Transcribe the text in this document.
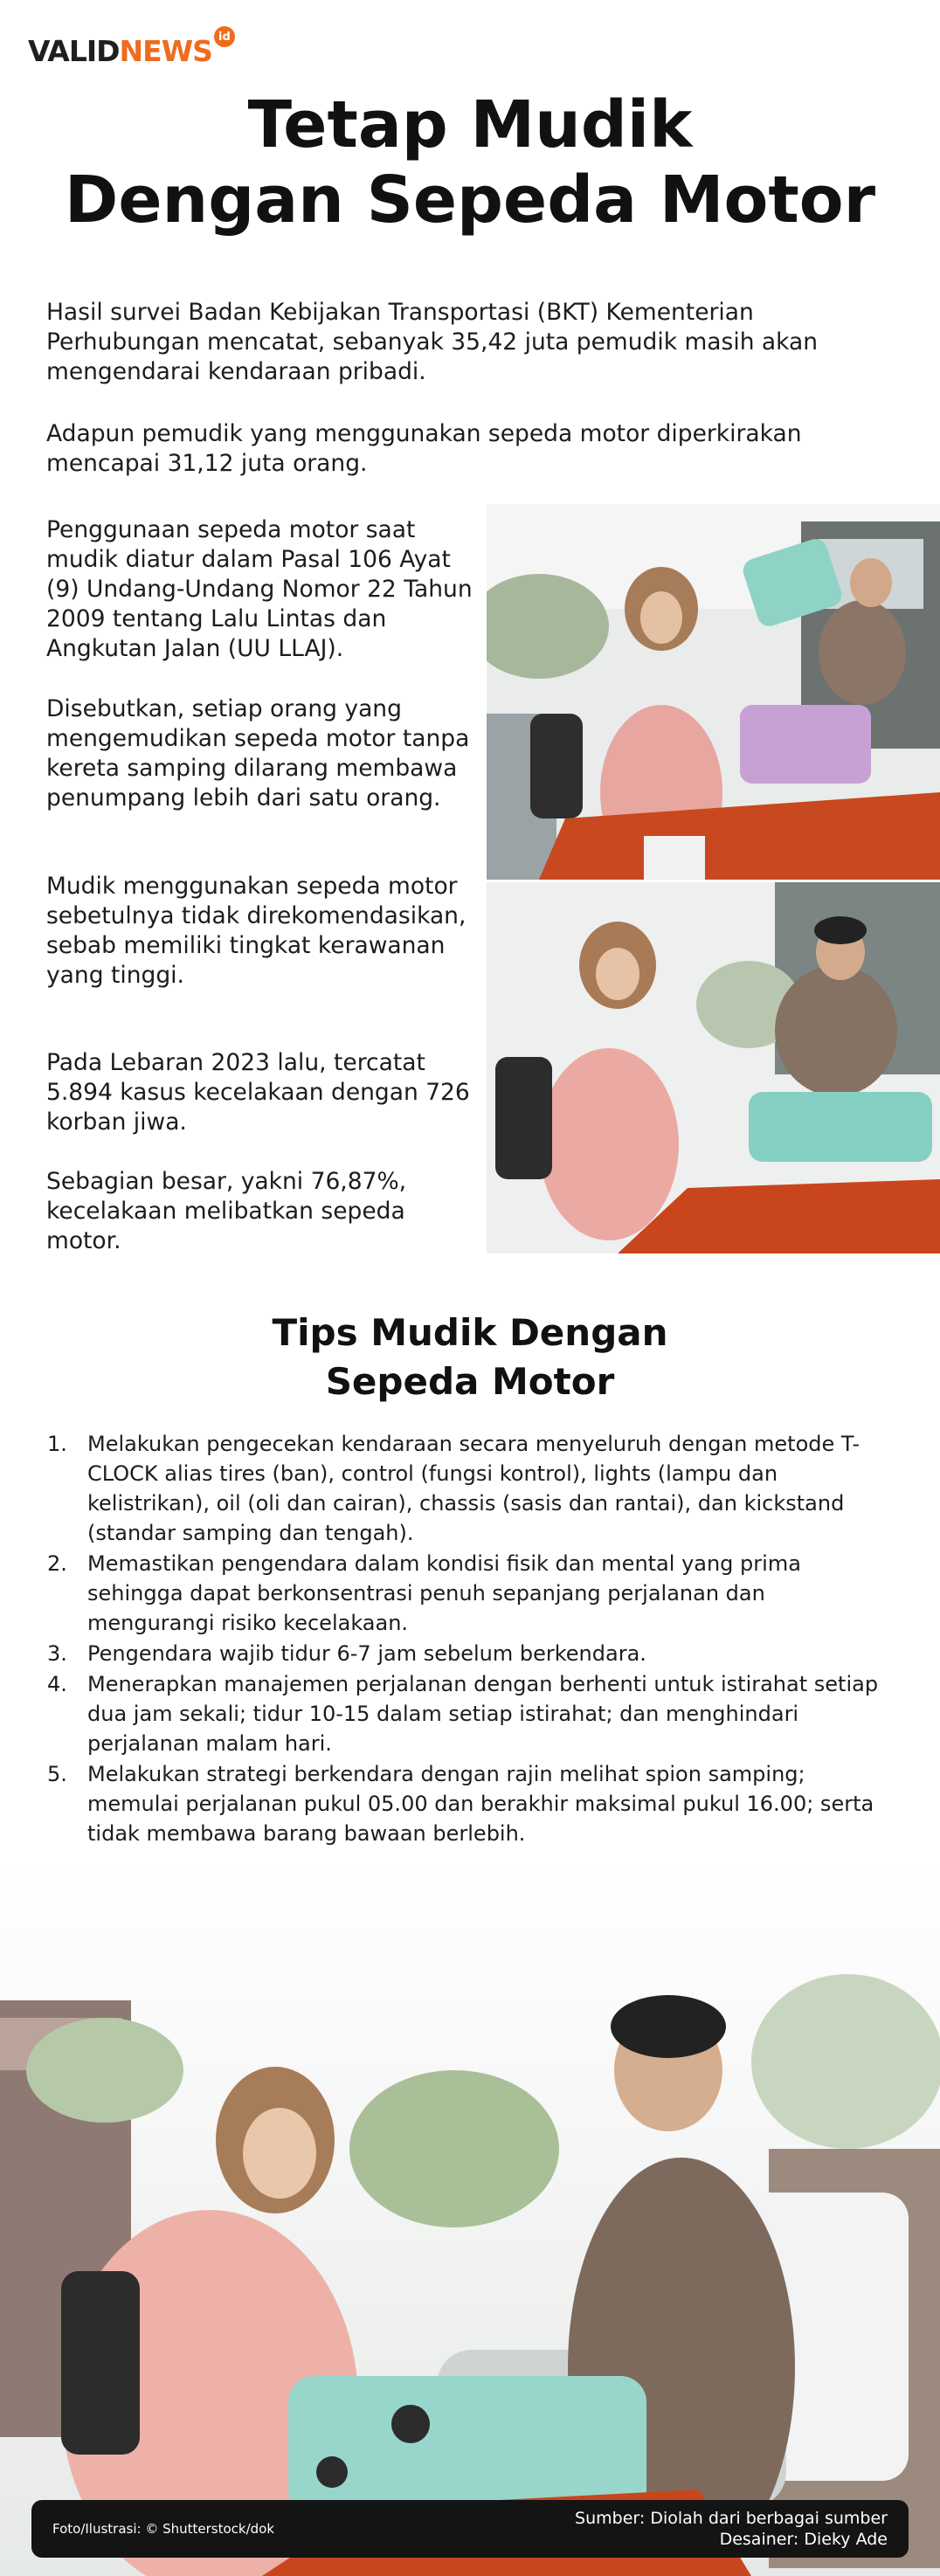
VALID NEWS id
Tetap Mudik
Dengan Sepeda Motor

Hasil survei Badan Kebijakan Transportasi (BKT) Kementerian Perhubungan mencatat, sebanyak 35,42 juta pemudik masih akan mengendarai kendaraan pribadi.

Adapun pemudik yang menggunakan sepeda motor diperkirakan mencapai 31,12 juta orang.

Penggunaan sepeda motor saat mudik diatur dalam Pasal 106 Ayat (9) Undang-Undang Nomor 22 Tahun 2009 tentang Lalu Lintas dan Angkutan Jalan (UU LLAJ).

Disebutkan, setiap orang yang mengemudikan sepeda motor tanpa kereta samping dilarang membawa penumpang lebih dari satu orang.

Mudik menggunakan sepeda motor sebetulnya tidak direkomendasikan, sebab memiliki tingkat kerawanan yang tinggi.

Pada Lebaran 2023 lalu, tercatat 5.894 kasus kecelakaan dengan 726 korban jiwa.

Sebagian besar, yakni 76,87%, kecelakaan melibatkan sepeda motor.

Tips Mudik Dengan
Sepeda Motor
1. Melakukan pengecekan kendaraan secara menyeluruh dengan metode T-CLOCK alias tires (ban), control (fungsi kontrol), lights (lampu dan kelistrikan), oil (oli dan cairan), chassis (sasis dan rantai), dan kickstand (standar samping dan tengah).
2. Memastikan pengendara dalam kondisi fisik dan mental yang prima sehingga dapat berkonsentrasi penuh sepanjang perjalanan dan mengurangi risiko kecelakaan.
3. Pengendara wajib tidur 6-7 jam sebelum berkendara.
4. Menerapkan manajemen perjalanan dengan berhenti untuk istirahat setiap dua jam sekali; tidur 10-15 dalam setiap istirahat; dan menghindari perjalanan malam hari.
5. Melakukan strategi berkendara dengan rajin melihat spion samping; memulai perjalanan pukul 05.00 dan berakhir maksimal pukul 16.00; serta tidak membawa barang bawaan berlebih.
Foto/Ilustrasi: © Shutterstock/dok
Sumber: Diolah dari berbagai sumber
Desainer: Dieky Ade
